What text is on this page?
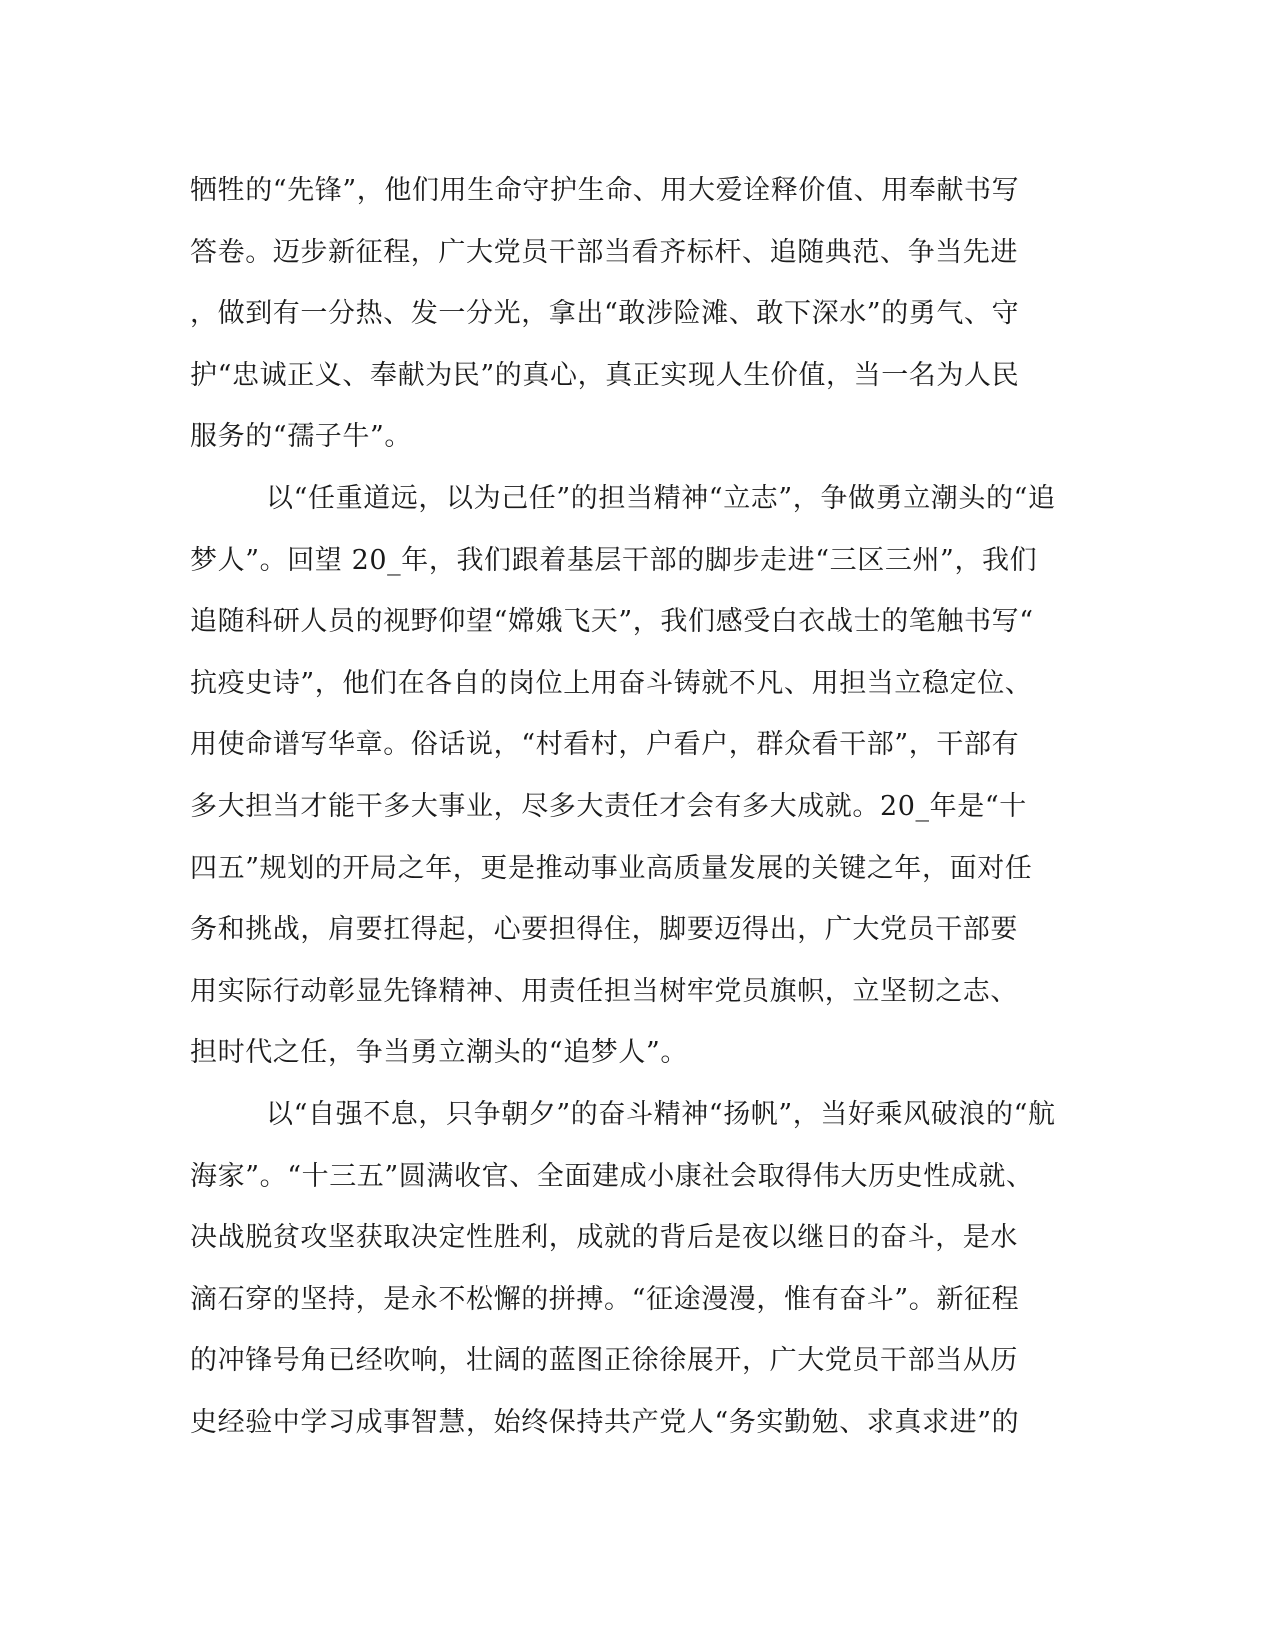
牺牲的“先锋”，他们用生命守护生命、用大爱诠释价值、用奉献书写
答卷。迈步新征程，广大党员干部当看齐标杆、追随典范、争当先进
，做到有一分热、发一分光，拿出“敢涉险滩、敢下深水”的勇气、守
护“忠诚正义、奉献为民”的真心，真正实现人生价值，当一名为人民
服务的“孺子牛”。
以“任重道远，以为己任”的担当精神“立志”，争做勇立潮头的“追
梦人”。回望 20_年，我们跟着基层干部的脚步走进“三区三州”，我们
追随科研人员的视野仰望“嫦娥飞天”，我们感受白衣战士的笔触书写“
抗疫史诗”，他们在各自的岗位上用奋斗铸就不凡、用担当立稳定位、
用使命谱写华章。俗话说，“村看村，户看户，群众看干部”，干部有
多大担当才能干多大事业，尽多大责任才会有多大成就。20_年是“十
四五”规划的开局之年，更是推动事业高质量发展的关键之年，面对任
务和挑战，肩要扛得起，心要担得住，脚要迈得出，广大党员干部要
用实际行动彰显先锋精神、用责任担当树牢党员旗帜，立坚韧之志、
担时代之任，争当勇立潮头的“追梦人”。
以“自强不息，只争朝夕”的奋斗精神“扬帆”，当好乘风破浪的“航
海家”。“十三五”圆满收官、全面建成小康社会取得伟大历史性成就、
决战脱贫攻坚获取决定性胜利，成就的背后是夜以继日的奋斗，是水
滴石穿的坚持，是永不松懈的拼搏。“征途漫漫，惟有奋斗”。新征程
的冲锋号角已经吹响，壮阔的蓝图正徐徐展开，广大党员干部当从历
史经验中学习成事智慧，始终保持共产党人“务实勤勉、求真求进”的
